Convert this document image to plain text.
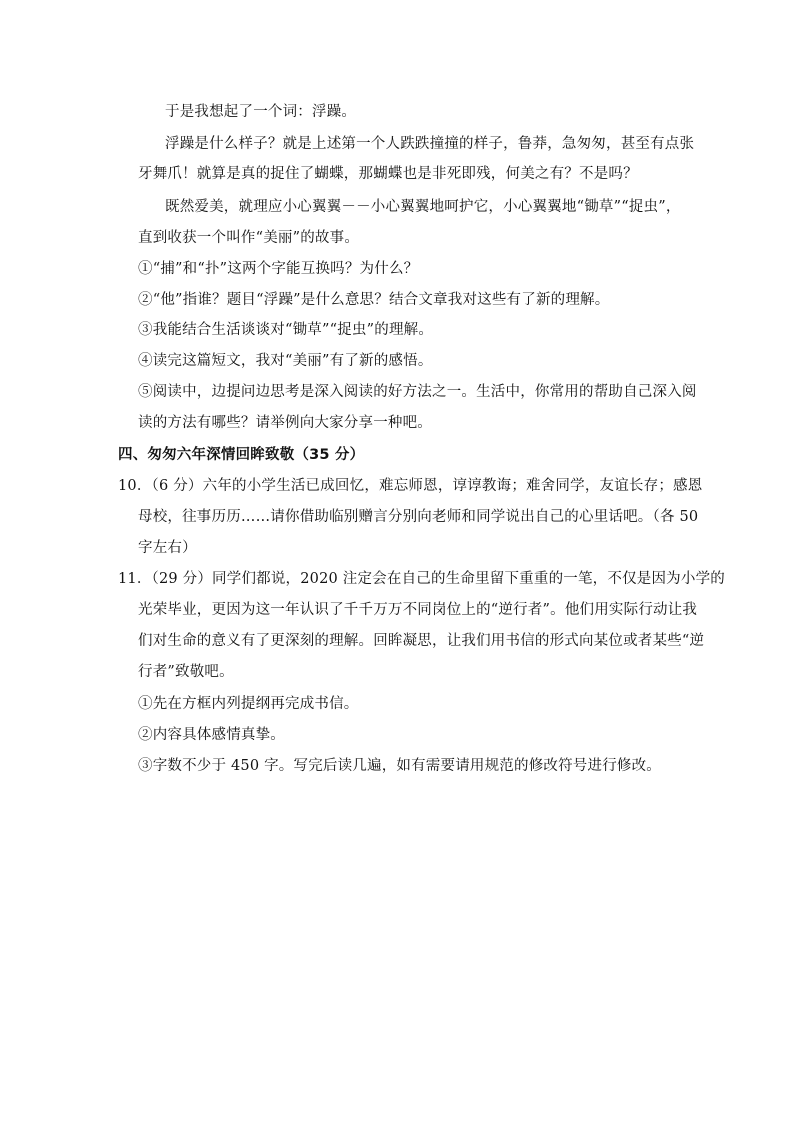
于是我想起了一个词：浮躁。
浮躁是什么样子？就是上述第一个人跌跌撞撞的样子，鲁莽，急匆匆，甚至有点张
牙舞爪！就算是真的捉住了蝴蝶，那蝴蝶也是非死即残，何美之有？不是吗？
既然爱美，就理应小心翼翼－－小心翼翼地呵护它，小心翼翼地“锄草”“捉虫”，
直到收获一个叫作“美丽”的故事。
①“捕”和“扑”这两个字能互换吗？为什么？
②“他”指谁？题目“浮躁”是什么意思？结合文章我对这些有了新的理解。
③我能结合生活谈谈对“锄草”“捉虫”的理解。
④读完这篇短文，我对“美丽”有了新的感悟。
⑤阅读中，边提问边思考是深入阅读的好方法之一。生活中，你常用的帮助自己深入阅
读的方法有哪些？请举例向大家分享一种吧。
四、匆匆六年深情回眸致敬（35 分）
10．（6 分）六年的小学生活已成回忆，难忘师恩，谆谆教诲；难舍同学，友谊长存；感恩
母校，往事历历……请你借助临别赠言分别向老师和同学说出自己的心里话吧。（各 50
字左右）
11．（29 分）同学们都说，2020 注定会在自己的生命里留下重重的一笔，不仅是因为小学的
光荣毕业，更因为这一年认识了千千万万不同岗位上的“逆行者”。他们用实际行动让我
们对生命的意义有了更深刻的理解。回眸凝思，让我们用书信的形式向某位或者某些“逆
行者”致敬吧。
①先在方框内列提纲再完成书信。
②内容具体感情真挚。
③字数不少于 450 字。写完后读几遍，如有需要请用规范的修改符号进行修改。
